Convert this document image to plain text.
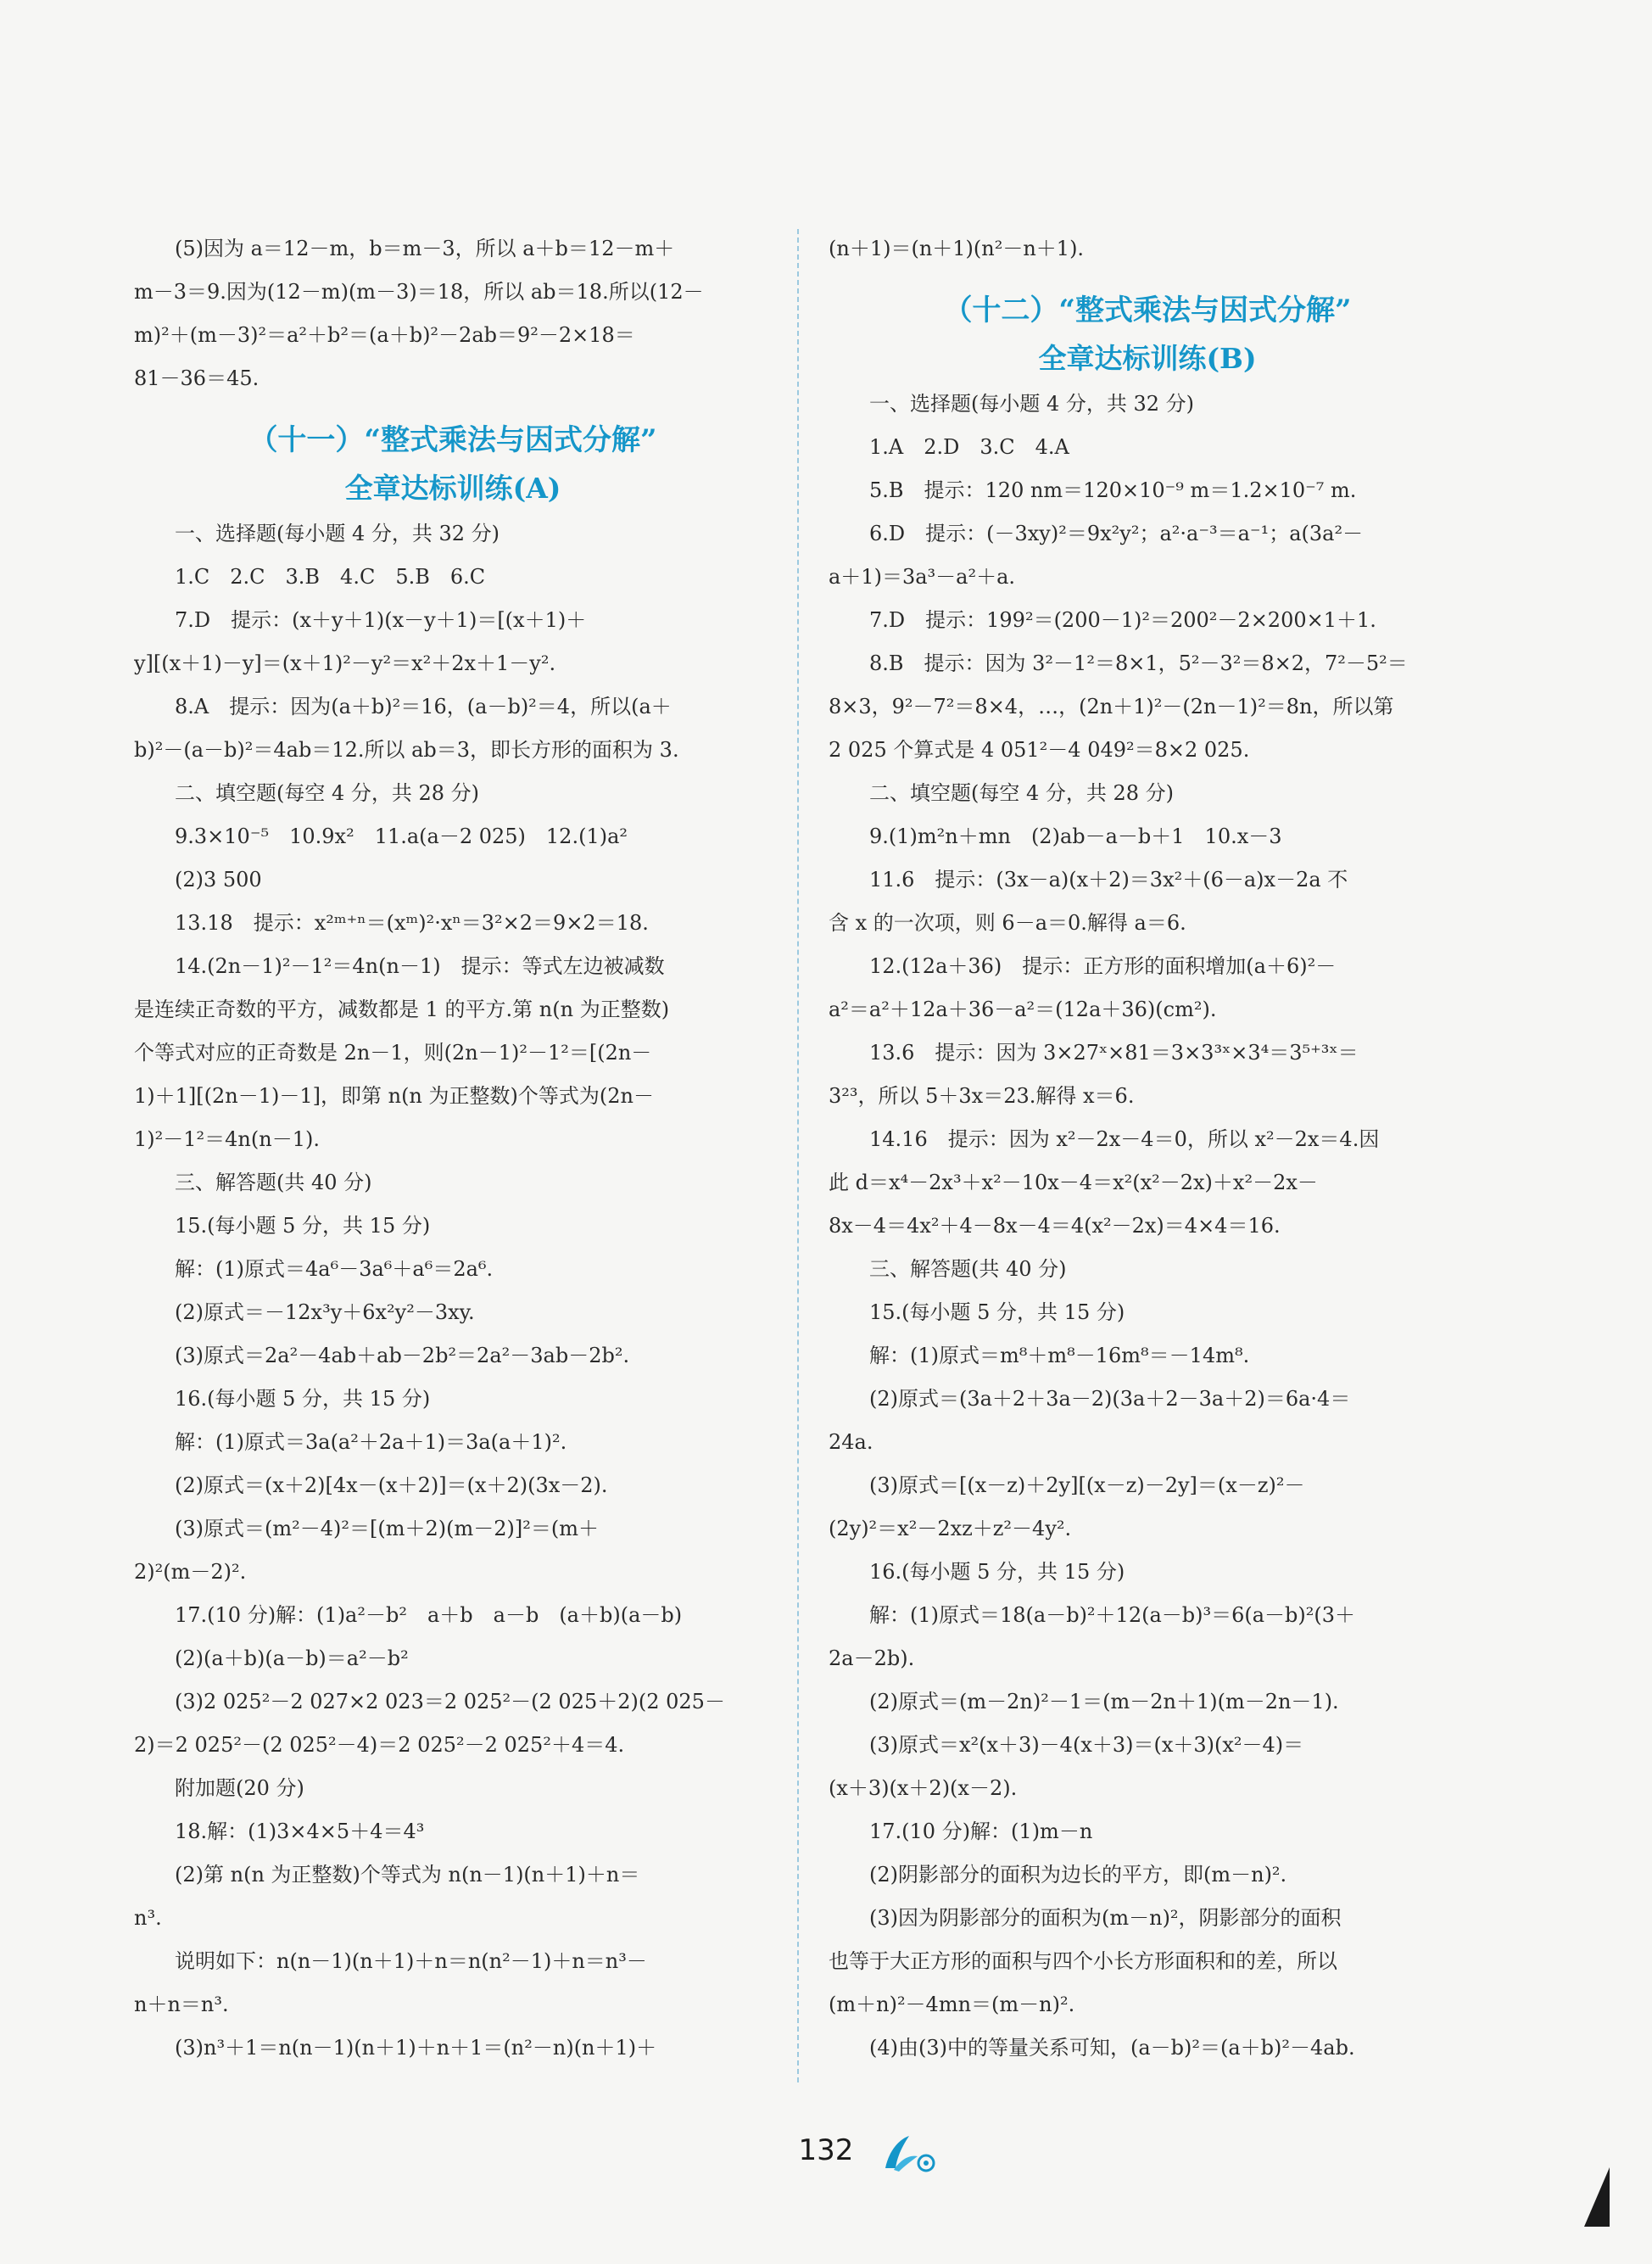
(5)因为 a＝12－m，b＝m－3，所以 a＋b＝12－m＋
m－3＝9.因为(12－m)(m－3)＝18，所以 ab＝18.所以(12－
m)²＋(m－3)²＝a²＋b²＝(a＋b)²－2ab＝9²－2×18＝
81－36＝45.
（十一）“整式乘法与因式分解”
全章达标训练(A)
一、选择题(每小题 4 分，共 32 分)
1.C　2.C　3.B　4.C　5.B　6.C
7.D　提示：(x＋y＋1)(x－y＋1)＝[(x＋1)＋
y][(x＋1)－y]＝(x＋1)²－y²＝x²＋2x＋1－y².
8.A　提示：因为(a＋b)²＝16，(a－b)²＝4，所以(a＋
b)²－(a－b)²＝4ab＝12.所以 ab＝3，即长方形的面积为 3.
二、填空题(每空 4 分，共 28 分)
9.3×10⁻⁵　10.9x²　11.a(a－2 025)　12.(1)a²
(2)3 500
13.18　提示：x²ᵐ⁺ⁿ＝(xᵐ)²·xⁿ＝3²×2＝9×2＝18.
14.(2n－1)²－1²＝4n(n－1)　提示：等式左边被减数
是连续正奇数的平方，减数都是 1 的平方.第 n(n 为正整数)
个等式对应的正奇数是 2n－1，则(2n－1)²－1²＝[(2n－
1)＋1][(2n－1)－1]，即第 n(n 为正整数)个等式为(2n－
1)²－1²＝4n(n－1).
三、解答题(共 40 分)
15.(每小题 5 分，共 15 分)
解：(1)原式＝4a⁶－3a⁶＋a⁶＝2a⁶.
(2)原式＝－12x³y＋6x²y²－3xy.
(3)原式＝2a²－4ab＋ab－2b²＝2a²－3ab－2b².
16.(每小题 5 分，共 15 分)
解：(1)原式＝3a(a²＋2a＋1)＝3a(a＋1)².
(2)原式＝(x＋2)[4x－(x＋2)]＝(x＋2)(3x－2).
(3)原式＝(m²－4)²＝[(m＋2)(m－2)]²＝(m＋
2)²(m－2)².
17.(10 分)解：(1)a²－b²　a＋b　a－b　(a＋b)(a－b)
(2)(a＋b)(a－b)＝a²－b²
(3)2 025²－2 027×2 023＝2 025²－(2 025＋2)(2 025－
2)＝2 025²－(2 025²－4)＝2 025²－2 025²＋4＝4.
附加题(20 分)
18.解：(1)3×4×5＋4＝4³
(2)第 n(n 为正整数)个等式为 n(n－1)(n＋1)＋n＝
n³.
说明如下：n(n－1)(n＋1)＋n＝n(n²－1)＋n＝n³－
n＋n＝n³.
(3)n³＋1＝n(n－1)(n＋1)＋n＋1＝(n²－n)(n＋1)＋
(n＋1)＝(n＋1)(n²－n＋1).
（十二）“整式乘法与因式分解”
全章达标训练(B)
一、选择题(每小题 4 分，共 32 分)
1.A　2.D　3.C　4.A
5.B　提示：120 nm＝120×10⁻⁹ m＝1.2×10⁻⁷ m.
6.D　提示：(－3xy)²＝9x²y²；a²·a⁻³＝a⁻¹；a(3a²－
a＋1)＝3a³－a²＋a.
7.D　提示：199²＝(200－1)²＝200²－2×200×1＋1.
8.B　提示：因为 3²－1²＝8×1，5²－3²＝8×2，7²－5²＝
8×3，9²－7²＝8×4，…，(2n＋1)²－(2n－1)²＝8n，所以第
2 025 个算式是 4 051²－4 049²＝8×2 025.
二、填空题(每空 4 分，共 28 分)
9.(1)m²n＋mn　(2)ab－a－b＋1　10.x－3
11.6　提示：(3x－a)(x＋2)＝3x²＋(6－a)x－2a 不
含 x 的一次项，则 6－a＝0.解得 a＝6.
12.(12a＋36)　提示：正方形的面积增加(a＋6)²－
a²＝a²＋12a＋36－a²＝(12a＋36)(cm²).
13.6　提示：因为 3×27ˣ×81＝3×3³ˣ×3⁴＝3⁵⁺³ˣ＝
3²³，所以 5＋3x＝23.解得 x＝6.
14.16　提示：因为 x²－2x－4＝0，所以 x²－2x＝4.因
此 d＝x⁴－2x³＋x²－10x－4＝x²(x²－2x)＋x²－2x－
8x－4＝4x²＋4－8x－4＝4(x²－2x)＝4×4＝16.
三、解答题(共 40 分)
15.(每小题 5 分，共 15 分)
解：(1)原式＝m⁸＋m⁸－16m⁸＝－14m⁸.
(2)原式＝(3a＋2＋3a－2)(3a＋2－3a＋2)＝6a·4＝
24a.
(3)原式＝[(x－z)＋2y][(x－z)－2y]＝(x－z)²－
(2y)²＝x²－2xz＋z²－4y².
16.(每小题 5 分，共 15 分)
解：(1)原式＝18(a－b)²＋12(a－b)³＝6(a－b)²(3＋
2a－2b).
(2)原式＝(m－2n)²－1＝(m－2n＋1)(m－2n－1).
(3)原式＝x²(x＋3)－4(x＋3)＝(x＋3)(x²－4)＝
(x＋3)(x＋2)(x－2).
17.(10 分)解：(1)m－n
(2)阴影部分的面积为边长的平方，即(m－n)².
(3)因为阴影部分的面积为(m－n)²，阴影部分的面积
也等于大正方形的面积与四个小长方形面积和的差，所以
(m＋n)²－4mn＝(m－n)².
(4)由(3)中的等量关系可知，(a－b)²＝(a＋b)²－4ab.
132
